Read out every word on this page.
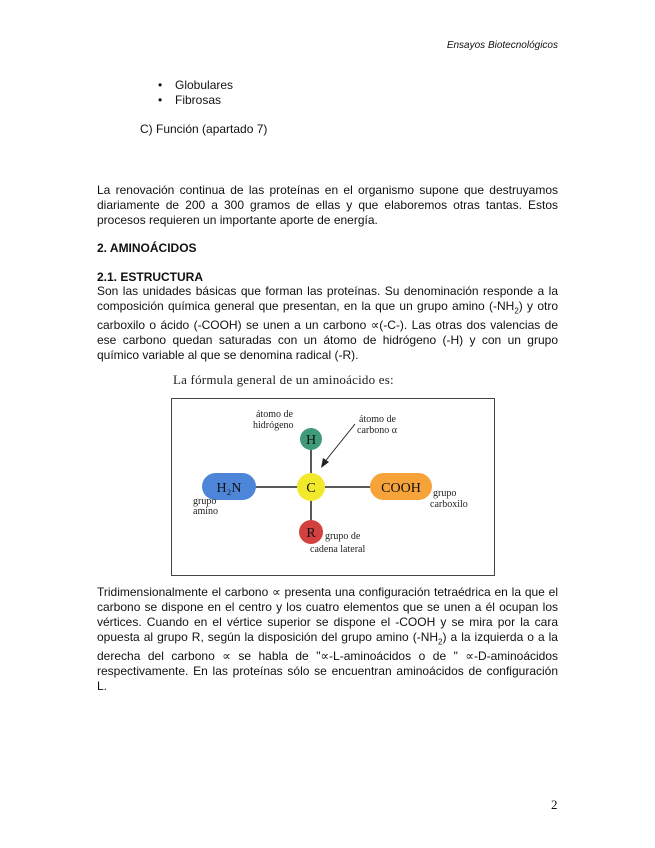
Ensayos Biotecnológicos
•	Globulares
•	Fibrosas
C) Función (apartado 7)
La renovación continua de las proteínas en el organismo supone que destruyamos diariamente de 200 a 300 gramos de ellas y que elaboremos otras tantas. Estos procesos requieren un importante aporte de energía.
2. AMINOÁCIDOS
2.1. ESTRUCTURA
Son las unidades básicas que forman las proteínas. Su denominación responde a la composición química general que presentan, en la que un grupo amino $(-NH_2)$ y otro carboxilo o ácido (-COOH) se unen a un carbono ∝(-C-). Las otras dos valencias de ese carbono quedan saturadas con un átomo de hidrógeno (-H) y con un grupo químico variable al que se denomina radical (-R).
La fórmula general de un aminoácido es:
H
H₂N	C	COOH
R
átomo de
hidrógeno
átomo de
carbono α
grupo
amino
grupo
carboxilo
grupo de
cadena lateral
Tridimensionalmente el carbono ∝ presenta una configuración tetraédrica en la que el carbono se dispone en el centro y los cuatro elementos que se unen a él ocupan los vértices. Cuando en el vértice superior se dispone el -COOH y se mira por la cara opuesta al grupo R, según la disposición del grupo amino $(-NH_2)$ a la izquierda o a la derecha del carbono ∝ se habla de "∝-L-aminoácidos o de " ∝-D-aminoácidos respectivamente. En las proteínas sólo se encuentran aminoácidos de configuración L.
2
